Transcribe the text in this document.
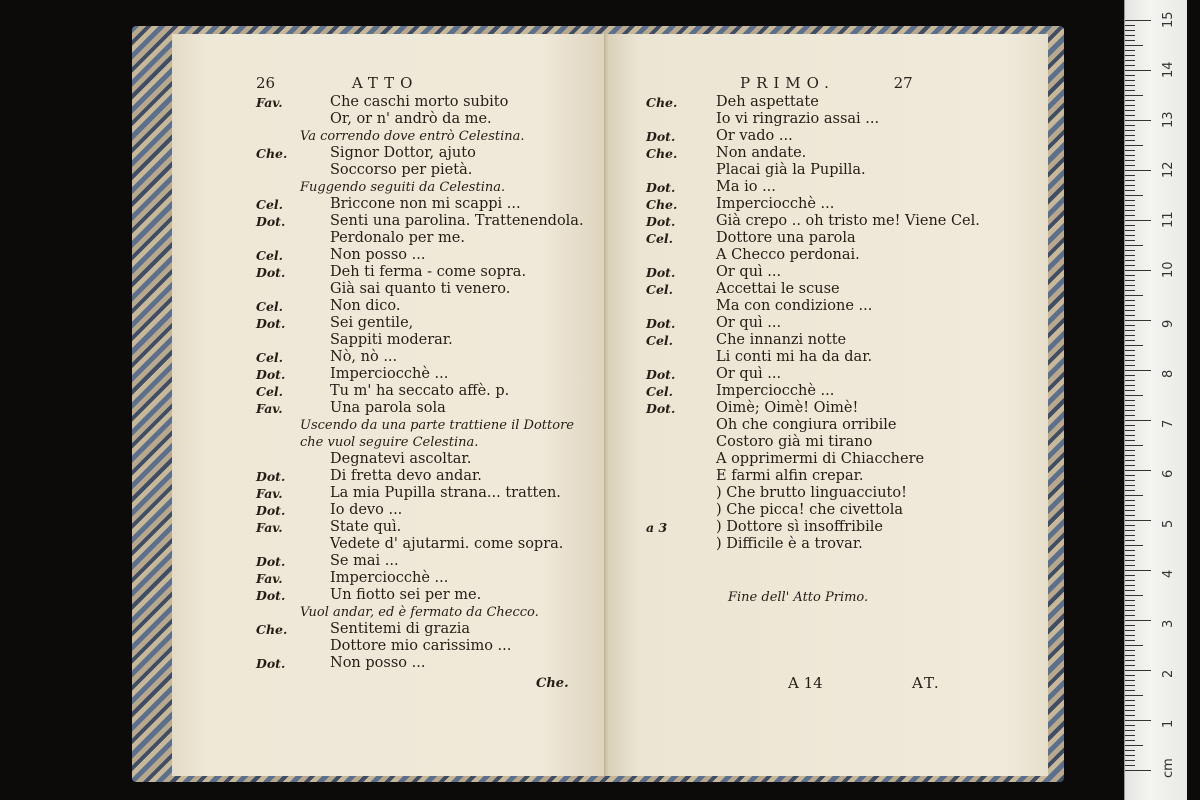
26	ATTO	PRIMO.	27
Fav.	Che caschi morto subito
Or, or n' andrò da me.
Va correndo dove entrò Celestina.
Che.	Signor Dottor, ajuto
Soccorso per pietà.
Fuggendo seguiti da Celestina.
Cel.	Briccone non mi scappi ...
Dot.	Senti una parolina. Trattenendola.
Perdonalo per me.
Cel.	Non posso ...
Dot.	Deh ti ferma - come sopra.
Già sai quanto ti venero.
Cel.	Non dico.
Dot.	Sei gentile,
Sappiti moderar.
Cel.	Nò, nò ...
Dot.	Imperciocchè ...
Cel.	Tu m' ha seccato affè. p.
Fav.	Una parola sola
Uscendo da una parte trattiene il Dottore
che vuol seguire Celestina.
Degnatevi ascoltar.
Dot.	Di fretta devo andar.
Fav.	La mia Pupilla strana... tratten.
Dot.	Io devo ...
Fav.	State quì.
Vedete d' ajutarmi. come sopra.
Dot.	Se mai ...
Fav.	Imperciocchè ...
Dot.	Un fiotto sei per me.
Vuol andar, ed è fermato da Checco.
Che.	Sentitemi di grazia
Dottore mio carissimo ...
Dot.	Non posso ...
Che.	Deh aspettate
Io vi ringrazio assai ...
Dot.	Or vado ...
Che.	Non andate.
Placai già la Pupilla.
Dot.	Ma io ...
Che.	Imperciocchè ...
Dot.	Già crepo .. oh tristo me! Viene Cel.
Cel.	Dottore una parola
A Checco perdonai.
Dot.	Or quì ...
Cel.	Accettai le scuse
Ma con condizione ...
Dot.	Or quì ...
Cel.	Che innanzi notte
Li conti mi ha da dar.
Dot.	Or quì ...
Cel.	Imperciocchè ...
Dot.	Oimè; Oimè! Oimè!
Oh che congiura orribile
Costoro già mi tirano
A opprimermi di Chiacchere
E farmi alfin crepar.
) Che brutto linguacciuto!
) Che picca! che civettola
a 3	) Dottore sì insoffribile
) Difficile è a trovar.
Fine dell' Atto Primo.
Che.	A 14	AT.
cm
1
2
3
4
5
6
7
8
9
10
11
12
13
14
15
